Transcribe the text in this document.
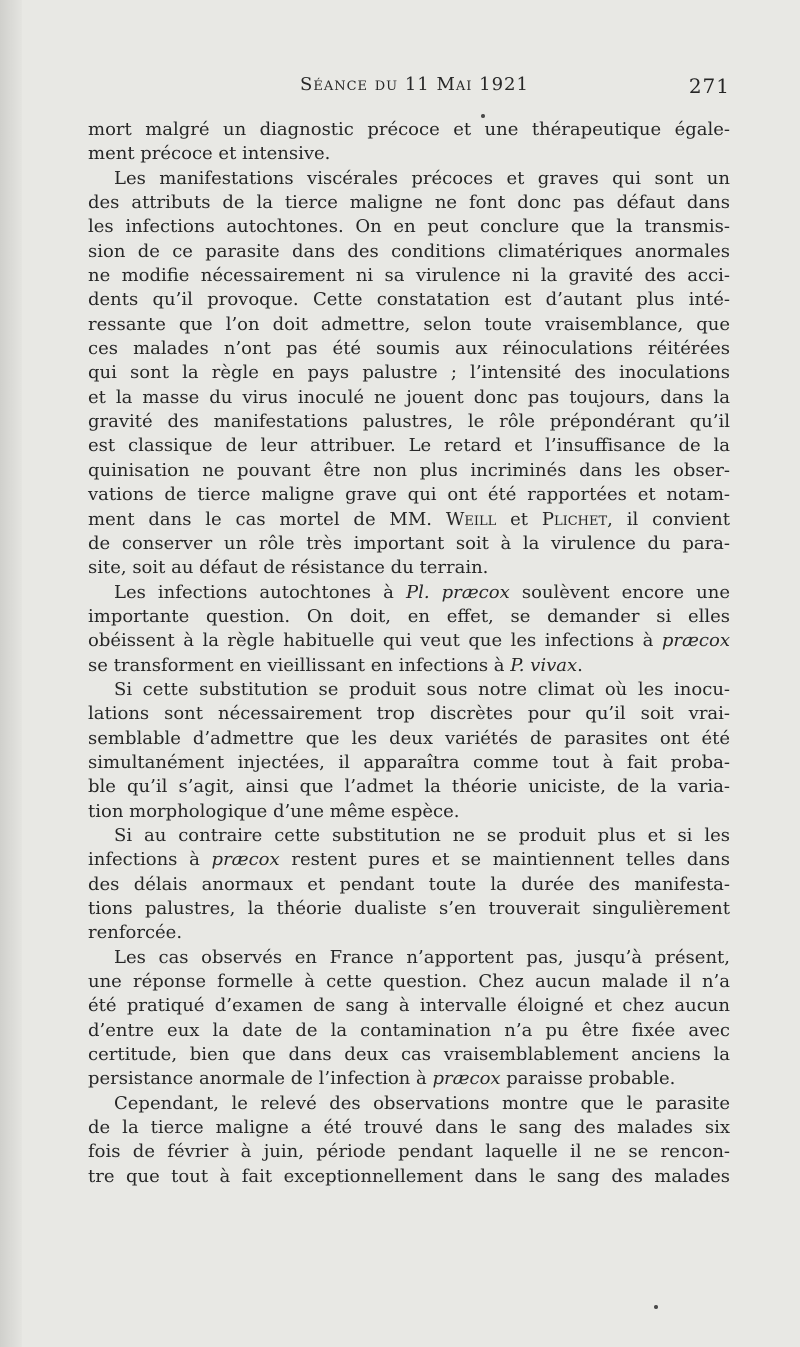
Séance du 11 Mai 1921	271
mort malgré un diagnostic précoce et une thérapeutique égale-
ment précoce et intensive.
Les manifestations viscérales précoces et graves qui sont un
des attributs de la tierce maligne ne font donc pas défaut dans
les infections autochtones. On en peut conclure que la transmis-
sion de ce parasite dans des conditions climatériques anormales
ne modifie nécessairement ni sa virulence ni la gravité des acci-
dents qu’il provoque. Cette constatation est d’autant plus inté-
ressante que l’on doit admettre, selon toute vraisemblance, que
ces malades n’ont pas été soumis aux réinoculations réitérées
qui sont la règle en pays palustre ; l’intensité des inoculations
et la masse du virus inoculé ne jouent donc pas toujours, dans la
gravité des manifestations palustres, le rôle prépondérant qu’il
est classique de leur attribuer. Le retard et l’insuffisance de la
quinisation ne pouvant être non plus incriminés dans les obser-
vations de tierce maligne grave qui ont été rapportées et notam-
ment dans le cas mortel de MM. Weill et Plichet, il convient
de conserver un rôle très important soit à la virulence du para-
site, soit au défaut de résistance du terrain.
Les infections autochtones à Pl. præcox soulèvent encore une
importante question. On doit, en effet, se demander si elles
obéissent à la règle habituelle qui veut que les infections à præcox
se transforment en vieillissant en infections à P. vivax.
Si cette substitution se produit sous notre climat où les inocu-
lations sont nécessairement trop discrètes pour qu’il soit vrai-
semblable d’admettre que les deux variétés de parasites ont été
simultanément injectées, il apparaîtra comme tout à fait proba-
ble qu’il s’agit, ainsi que l’admet la théorie uniciste, de la varia-
tion morphologique d’une même espèce.
Si au contraire cette substitution ne se produit plus et si les
infections à præcox restent pures et se maintiennent telles dans
des délais anormaux et pendant toute la durée des manifesta-
tions palustres, la théorie dualiste s’en trouverait singulièrement
renforcée.
Les cas observés en France n’apportent pas, jusqu’à présent,
une réponse formelle à cette question. Chez aucun malade il n’a
été pratiqué d’examen de sang à intervalle éloigné et chez aucun
d’entre eux la date de la contamination n’a pu être fixée avec
certitude, bien que dans deux cas vraisemblablement anciens la
persistance anormale de l’infection à præcox paraisse probable.
Cependant, le relevé des observations montre que le parasite
de la tierce maligne a été trouvé dans le sang des malades six
fois de février à juin, période pendant laquelle il ne se rencon-
tre que tout à fait exceptionnellement dans le sang des malades
